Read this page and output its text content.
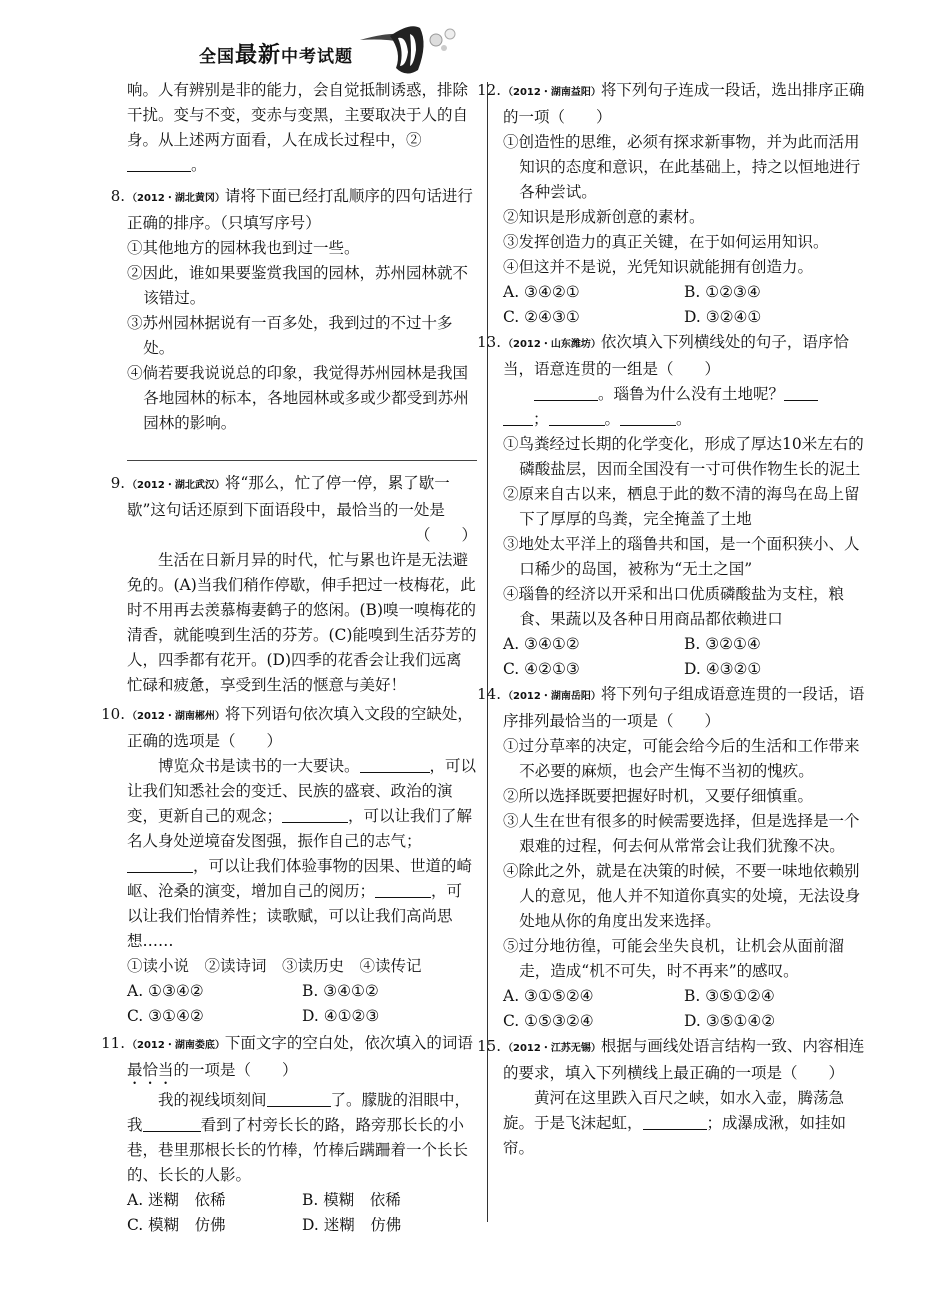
全国最新中考试题

响。人有辨别是非的能力，会自觉抵制诱惑，排除干扰。变与不变，变赤与变黑，主要取决于人的自身。从上述两方面看，人在成长过程中，②。

8. （2012・湖北黄冈）请将下面已经打乱顺序的四句话进行正确的排序。（只填写序号）

①其他地方的园林我也到过一些。

②因此，谁如果要鉴赏我国的园林，苏州园林就不该错过。

③苏州园林据说有一百多处，我到过的不过十多处。

④倘若要我说说总的印象，我觉得苏州园林是我国各地园林的标本，各地园林或多或少都受到苏州园林的影响。

9. （2012・湖北武汉）将“那么，忙了停一停，累了歇一歇”这句话还原到下面语段中，最恰当的一处是

（　　）

生活在日新月异的时代，忙与累也许是无法避免的。(A)当我们稍作停歇，伸手把过一枝梅花，此时不用再去羡慕梅妻鹤子的悠闲。(B)嗅一嗅梅花的清香，就能嗅到生活的芬芳。(C)能嗅到生活芬芳的人，四季都有花开。(D)四季的花香会让我们远离忙碌和疲惫，享受到生活的惬意与美好！

10. （2012・湖南郴州）将下列语句依次填入文段的空缺处，正确的选项是（　　）

博览众书是读书的一大要诀。	，可以让我们知悉社会的变迁、民族的盛衰、政治的演变，更新自己的观念；	，可以让我们了解名人身处逆境奋发图强，振作自己的志气；，可以让我们体验事物的因果、世道的崎岖、沧桑的演变，增加自己的阅历；	，可以让我们怡情养性；读歌赋，可以让我们高尚思想……

①读小说　②读诗词　③读历史　④读传记

A. ①③④②	B. ③④①②
C. ③①④②	D. ④①②③

11. （2012・湖南娄底）下面文字的空白处，依次填入的词语最恰当的一项是（　　）

我的视线顷刻间	了。朦胧的泪眼中，我	看到了村旁长长的路，路旁那长长的小巷，巷里那根长长的竹棒，竹棒后蹒跚着一个长长的、长长的人影。

A. 迷糊　依稀	B. 模糊　依稀
C. 模糊　仿佛	D. 迷糊　仿佛

12. （2012・湖南益阳）将下列句子连成一段话，选出排序正确的一项（　　）

①创造性的思维，必须有探求新事物，并为此而活用知识的态度和意识，在此基础上，持之以恒地进行各种尝试。

②知识是形成新创意的素材。

③发挥创造力的真正关键，在于如何运用知识。

④但这并不是说，光凭知识就能拥有创造力。

A. ③④②①	B. ①②③④
C. ②④③①	D. ③②④①

13. （2012・山东潍坊）依次填入下列横线处的句子，语序恰当，语意连贯的一组是（　　）

。瑙鲁为什么没有土地呢？

；	。	。

①鸟粪经过长期的化学变化，形成了厚达10米左右的磷酸盐层，因而全国没有一寸可供作物生长的泥土

②原来自古以来，栖息于此的数不清的海鸟在岛上留下了厚厚的鸟粪，完全掩盖了土地

③地处太平洋上的瑙鲁共和国，是一个面积狭小、人口稀少的岛国，被称为“无土之国”

④瑙鲁的经济以开采和出口优质磷酸盐为支柱，粮食、果蔬以及各种日用商品都依赖进口

A. ③④①②	B. ③②①④
C. ④②①③	D. ④③②①

14. （2012・湖南岳阳）将下列句子组成语意连贯的一段话，语序排列最恰当的一项是（　　）

①过分草率的决定，可能会给今后的生活和工作带来不必要的麻烦，也会产生悔不当初的愧疚。

②所以选择既要把握好时机，又要仔细慎重。

③人生在世有很多的时候需要选择，但是选择是一个艰难的过程，何去何从常常会让我们犹豫不决。

④除此之外，就是在决策的时候，不要一味地依赖别人的意见，他人并不知道你真实的处境，无法设身处地从你的角度出发来选择。

⑤过分地彷徨，可能会坐失良机，让机会从面前溜走，造成“机不可失，时不再来”的感叹。

A. ③①⑤②④	B. ③⑤①②④
C. ①⑤③②④	D. ③⑤①④②

15. （2012・江苏无锡）根据与画线处语言结构一致、内容相连的要求，填入下列横线上最正确的一项是（　　）

黄河在这里跌入百尺之峡，如水入壶，腾荡急旋。于是飞沫起虹，	；成瀑成湫，如挂如帘。
